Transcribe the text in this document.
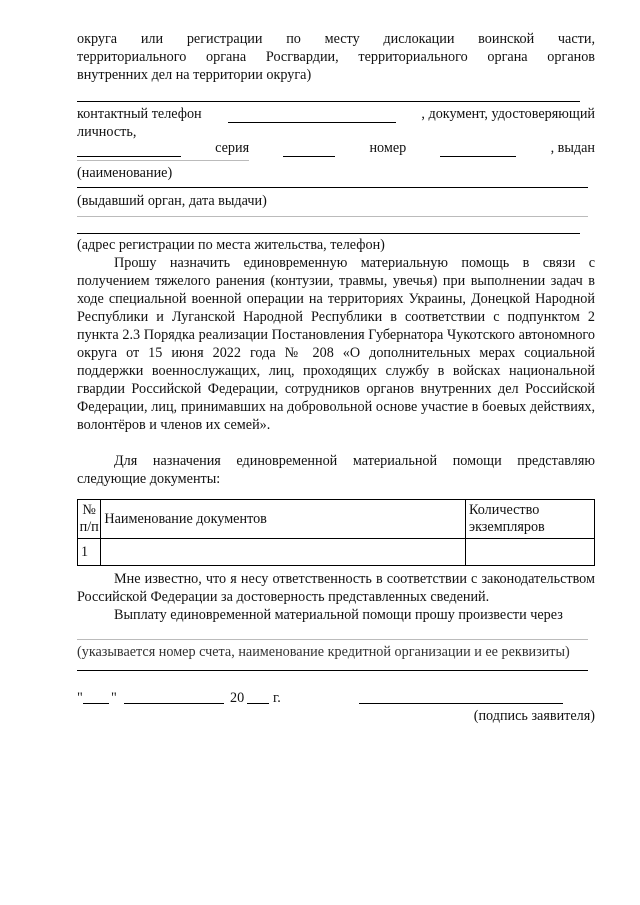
округа или регистрации по месту дислокации воинской части,
территориального органа Росгвардии, территориального органа органов
внутренних дел на территории округа)
контактный телефон	, документ, удостоверяющий
личность,
серия	номер	, выдан
(наименование)
(выдавший орган, дата выдачи)
(адрес регистрации по места жительства, телефон)
Прошу назначить единовременную материальную помощь в связи с получением тяжелого ранения (контузии, травмы, увечья) при выполнении задач в ходе специальной военной операции на территориях Украины, Донецкой Народной Республики и Луганской Народной Республики в соответствии с подпунктом 2 пункта 2.3 Порядка реализации Постановления Губернатора Чукотского автономного округа от 15 июня 2022 года № 208 «О дополнительных мерах социальной поддержки военнослужащих, лиц, проходящих службу в войсках национальной гвардии Российской Федерации, сотрудников органов внутренних дел Российской Федерации, лиц, принимавших на добровольной основе участие в боевых действиях, волонтёров и членов их семей».
Для назначения единовременной материальной помощи представляю следующие документы:
№ п/п	Наименование документов	Количество экземпляров
1		
Мне известно, что я несу ответственность в соответствии с законодательством Российской Федерации за достоверность представленных сведений.
Выплату единовременной материальной помощи прошу произвести через
(указывается номер счета, наименование кредитной организации и ее реквизиты)
" "	20 г.
(подпись заявителя)
